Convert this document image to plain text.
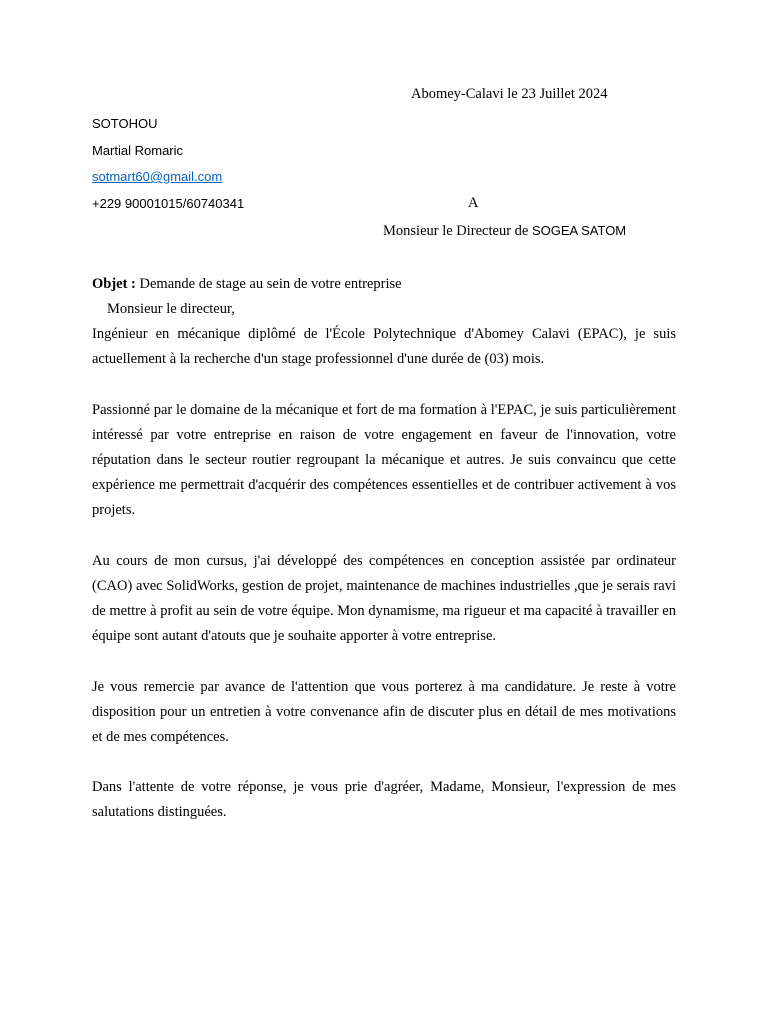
Abomey-Calavi le 23 Juillet 2024
SOTOHOU
Martial Romaric
sotmart60@gmail.com
+229 90001015/60740341	A
Monsieur le Directeur de SOGEA SATOM
Objet : Demande de stage au sein de votre entreprise
Monsieur le directeur,
Ingénieur en mécanique diplômé de l'École Polytechnique d'Abomey Calavi (EPAC), je suis actuellement à la recherche d'un stage professionnel d'une durée de (03) mois.
Passionné par le domaine de la mécanique et fort de ma formation à l'EPAC, je suis particulièrement intéressé par votre entreprise en raison de votre engagement en faveur de l'innovation, votre réputation dans le secteur routier regroupant la mécanique et autres. Je suis convaincu que cette expérience me permettrait d'acquérir des compétences essentielles et de contribuer activement à vos projets.
Au cours de mon cursus, j'ai développé des compétences en conception assistée par ordinateur (CAO) avec SolidWorks, gestion de projet, maintenance de machines industrielles ,que je serais ravi de mettre à profit au sein de votre équipe. Mon dynamisme, ma rigueur et ma capacité à travailler en équipe sont autant d'atouts que je souhaite apporter à votre entreprise.
Je vous remercie par avance de l'attention que vous porterez à ma candidature. Je reste à votre disposition pour un entretien à votre convenance afin de discuter plus en détail de mes motivations et de mes compétences.
Dans l'attente de votre réponse, je vous prie d'agréer, Madame, Monsieur, l'expression de mes salutations distinguées.
